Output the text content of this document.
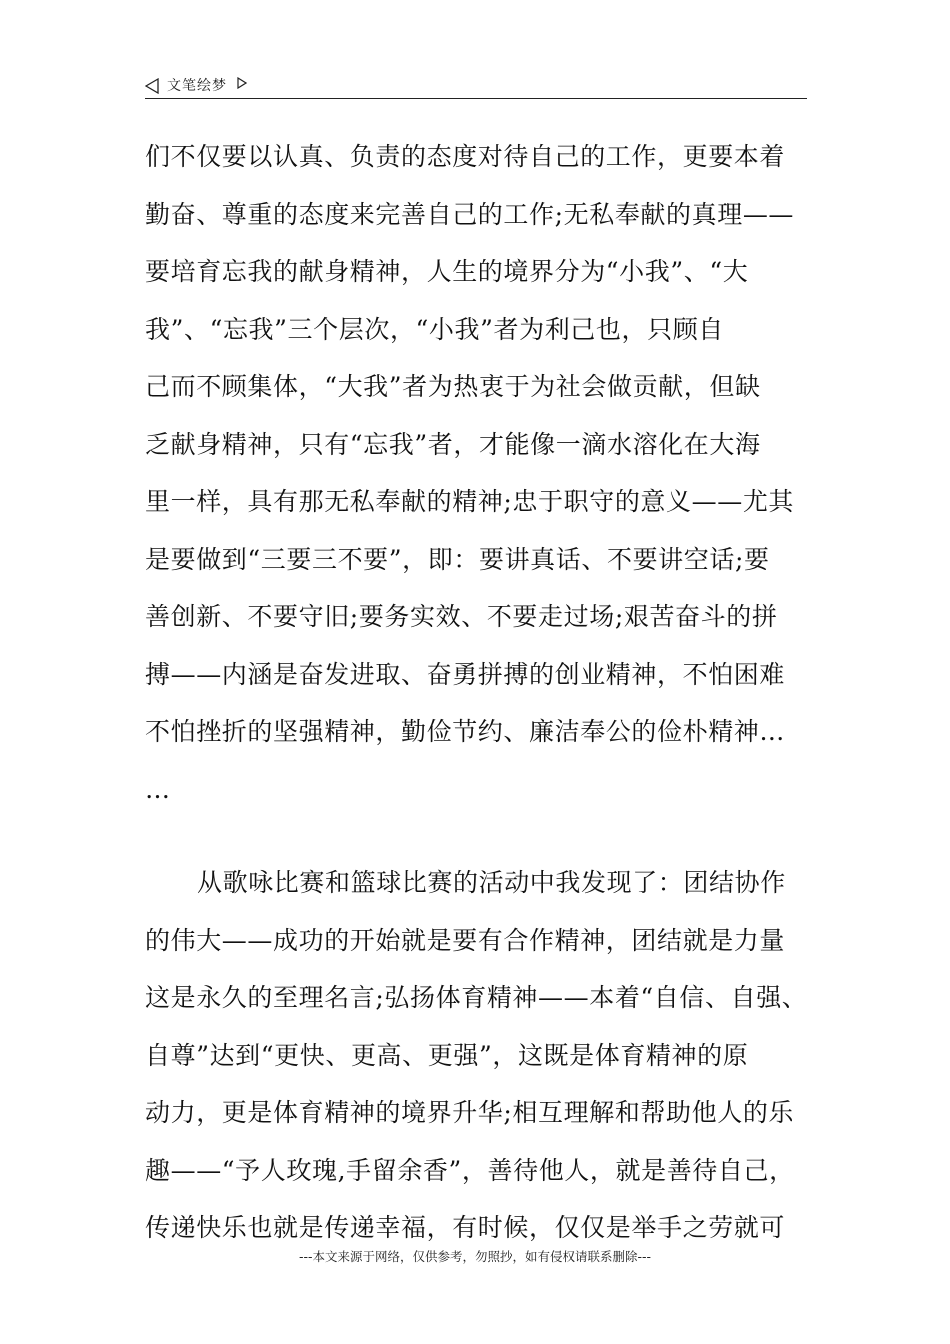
文笔绘梦
们不仅要以认真、负责的态度对待自己的工作，更要本着
勤奋、尊重的态度来完善自己的工作;无私奉献的真理——
要培育忘我的献身精神，人生的境界分为“小我”、“大
我”、“忘我”三个层次，“小我”者为利己也，只顾自
己而不顾集体，“大我”者为热衷于为社会做贡献，但缺
乏献身精神，只有“忘我”者，才能像一滴水溶化在大海
里一样，具有那无私奉献的精神;忠于职守的意义——尤其
是要做到“三要三不要”，即：要讲真话、不要讲空话;要
善创新、不要守旧;要务实效、不要走过场;艰苦奋斗的拼
搏——内涵是奋发进取、奋勇拼搏的创业精神，不怕困难
不怕挫折的坚强精神，勤俭节约、廉洁奉公的俭朴精神…
…
从歌咏比赛和篮球比赛的活动中我发现了：团结协作
的伟大——成功的开始就是要有合作精神，团结就是力量
这是永久的至理名言;弘扬体育精神——本着“自信、自强、
自尊”达到“更快、更高、更强”，这既是体育精神的原
动力，更是体育精神的境界升华;相互理解和帮助他人的乐
趣——“予人玫瑰,手留余香”，善待他人，就是善待自己，
传递快乐也就是传递幸福，有时候，仅仅是举手之劳就可
---本文来源于网络，仅供参考，勿照抄，如有侵权请联系删除---
